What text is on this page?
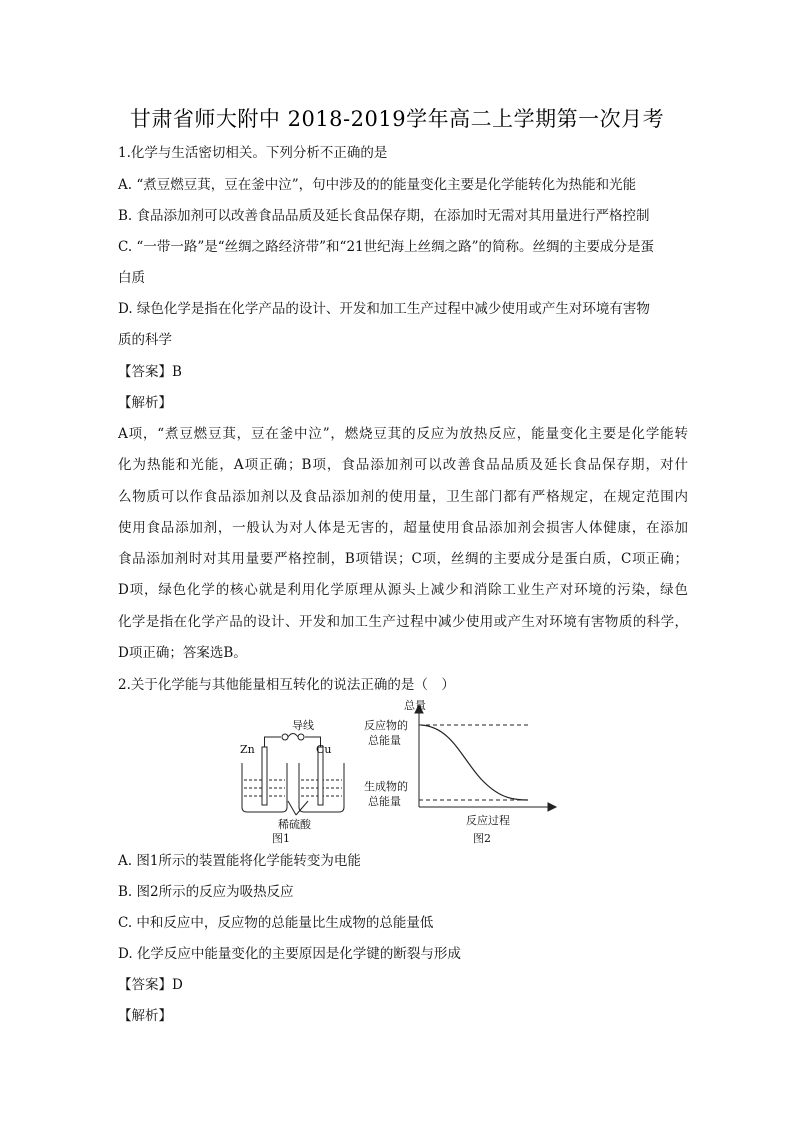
甘肃省师大附中 2018-2019学年高二上学期第一次月考
1.化学与生活密切相关。下列分析不正确的是
A. “煮豆燃豆萁，豆在釜中泣”，句中涉及的的能量变化主要是化学能转化为热能和光能
B. 食品添加剂可以改善食品品质及延长食品保存期，在添加时无需对其用量进行严格控制
C. “一带一路”是“丝绸之路经济带”和“21世纪海上丝绸之路”的简称。丝绸的主要成分是蛋
白质
D. 绿色化学是指在化学产品的设计、开发和加工生产过程中减少使用或产生对环境有害物
质的科学
【答案】B
【解析】
A项，“煮豆燃豆萁，豆在釜中泣”，燃烧豆萁的反应为放热反应，能量变化主要是化学能转
化为热能和光能，A项正确；B项，食品添加剂可以改善食品品质及延长食品保存期，对什
么物质可以作食品添加剂以及食品添加剂的使用量，卫生部门都有严格规定，在规定范围内
使用食品添加剂，一般认为对人体是无害的，超量使用食品添加剂会损害人体健康，在添加
食品添加剂时对其用量要严格控制，B项错误；C项，丝绸的主要成分是蛋白质，C项正确；
D项，绿色化学的核心就是利用化学原理从源头上减少和消除工业生产对环境的污染，绿色
化学是指在化学产品的设计、开发和加工生产过程中减少使用或产生对环境有害物质的科学，
D项正确；答案选B。
2.关于化学能与其他能量相互转化的说法正确的是（　）
导线
Zn	Cu
稀硫酸
图1
总量
反应物的
总能量
生成物的
总能量
反应过程
图2
A. 图1所示的装置能将化学能转变为电能
B. 图2所示的反应为吸热反应
C. 中和反应中，反应物的总能量比生成物的总能量低
D. 化学反应中能量变化的主要原因是化学键的断裂与形成
【答案】D
【解析】
